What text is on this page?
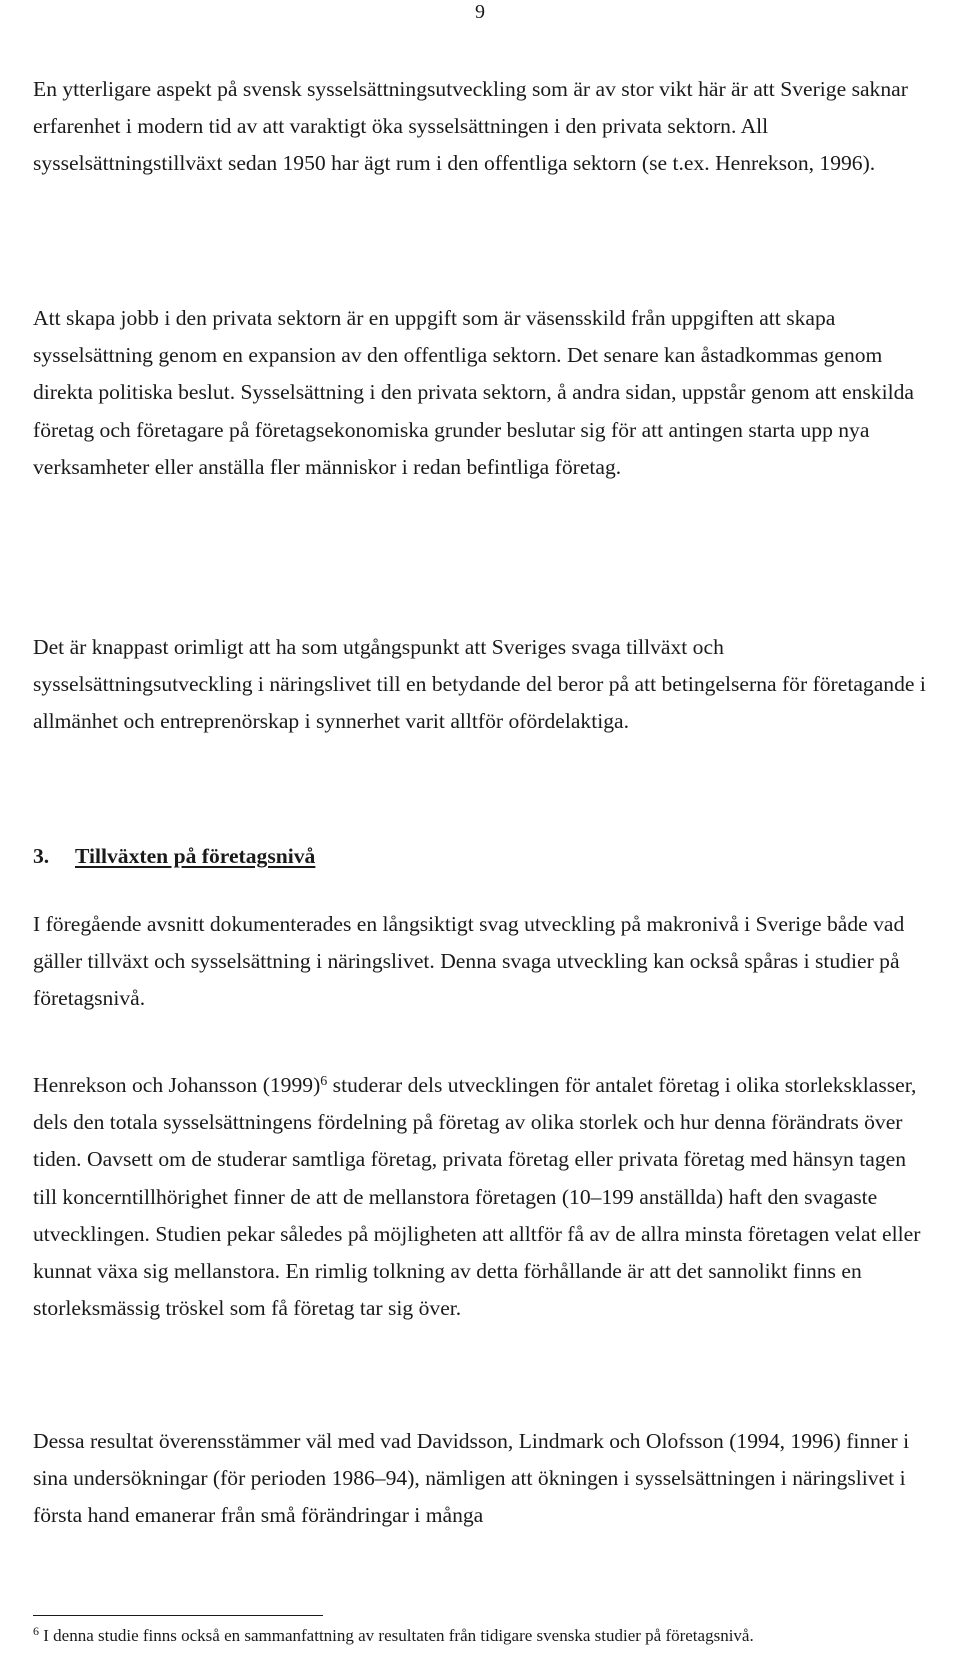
9

En ytterligare aspekt på svensk sysselsättningsutveckling som är av stor vikt här är att Sverige saknar erfarenhet i modern tid av att varaktigt öka sysselsättningen i den privata sektorn. All sysselsättningstillväxt sedan 1950 har ägt rum i den offentliga sektorn (se t.ex. Henrekson, 1996).

Att skapa jobb i den privata sektorn är en uppgift som är väsensskild från uppgiften att skapa sysselsättning genom en expansion av den offentliga sektorn. Det senare kan åstadkommas genom direkta politiska beslut. Sysselsättning i den privata sektorn, å andra sidan, uppstår genom att enskilda företag och företagare på företagsekonomiska grunder beslutar sig för att antingen starta upp nya verksamheter eller anställa fler människor i redan befintliga företag.

Det är knappast orimligt att ha som utgångspunkt att Sveriges svaga tillväxt och sysselsättningsutveckling i näringslivet till en betydande del beror på att betingelserna för företagande i allmänhet och entreprenörskap i synnerhet varit alltför ofördelaktiga.

3. Tillväxten på företagsnivå

I föregående avsnitt dokumenterades en långsiktigt svag utveckling på makronivå i Sverige både vad gäller tillväxt och sysselsättning i näringslivet. Denna svaga utveckling kan också spåras i studier på företagsnivå.

Henrekson och Johansson $(1999)^6$ studerar dels utvecklingen för antalet företag i olika storleksklasser, dels den totala sysselsättningens fördelning på företag av olika storlek och hur denna förändrats över tiden. Oavsett om de studerar samtliga företag, privata företag eller privata företag med hänsyn tagen till koncerntillhörighet finner de att de mellanstora företagen (10–199 anställda) haft den svagaste utvecklingen. Studien pekar således på möjligheten att alltför få av de allra minsta företagen velat eller kunnat växa sig mellanstora. En rimlig tolkning av detta förhållande är att det sannolikt finns en storleksmässig tröskel som få företag tar sig över.

Dessa resultat överensstämmer väl med vad Davidsson, Lindmark och Olofsson (1994, 1996) finner i sina undersökningar (för perioden 1986–94), nämligen att ökningen i sysselsättningen i näringslivet i första hand emanerar från små förändringar i många

$^6$ I denna studie finns också en sammanfattning av resultaten från tidigare svenska studier på företagsnivå.
